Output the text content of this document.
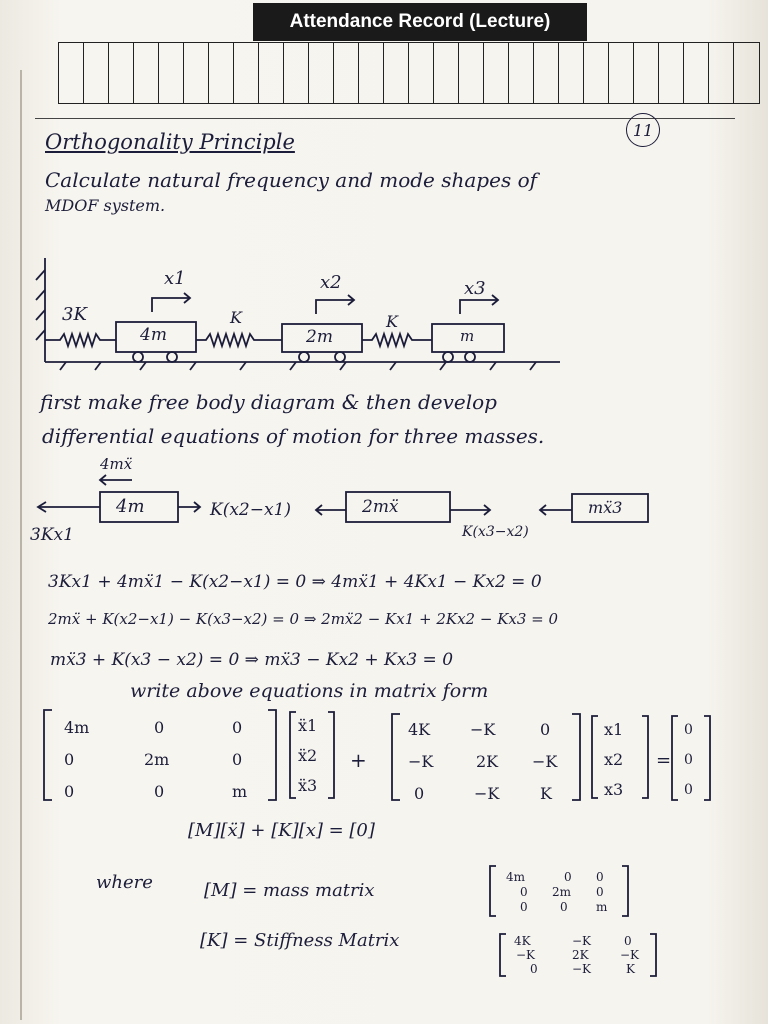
Attendance Record (Lecture)
11
Orthogonality Principle
Calculate natural frequency and mode shapes of
MDOF system.
x1	x2	x3
3K	K	K
4m	2m	m
first make free body diagram & then develop
differential equations of motion for three masses.
4mẍ
4m
3Kx1
K(x2−x1)	2mẍ
K(x3−x2)
mẍ3
3Kx1 + 4mẍ1 − K(x2−x1) = 0 ⇒ 4mẍ1 + 4Kx1 − Kx2 = 0
2mẍ + K(x2−x1) − K(x3−x2) = 0 ⇒ 2mẍ2 − Kx1 + 2Kx2 − Kx3 = 0
mẍ3 + K(x3 − x2) = 0 ⇒ mẍ3 − Kx2 + Kx3 = 0
write above equations in matrix form
4m	0	0
0	2m	0
0	0	m
ẍ1
ẍ2
ẍ3
+
4K −K	0
−K	2K −K
0	−K	K
x1
x2
x3
=
0
0
0
[M][ẍ] + [K][x] = [0]
where	[M] = mass matrix
[K] = Stiffness Matrix
4m	0 0
0 2m 0
0	0 m
4K	−K	0
−K	2K	−K
0	−K	K
